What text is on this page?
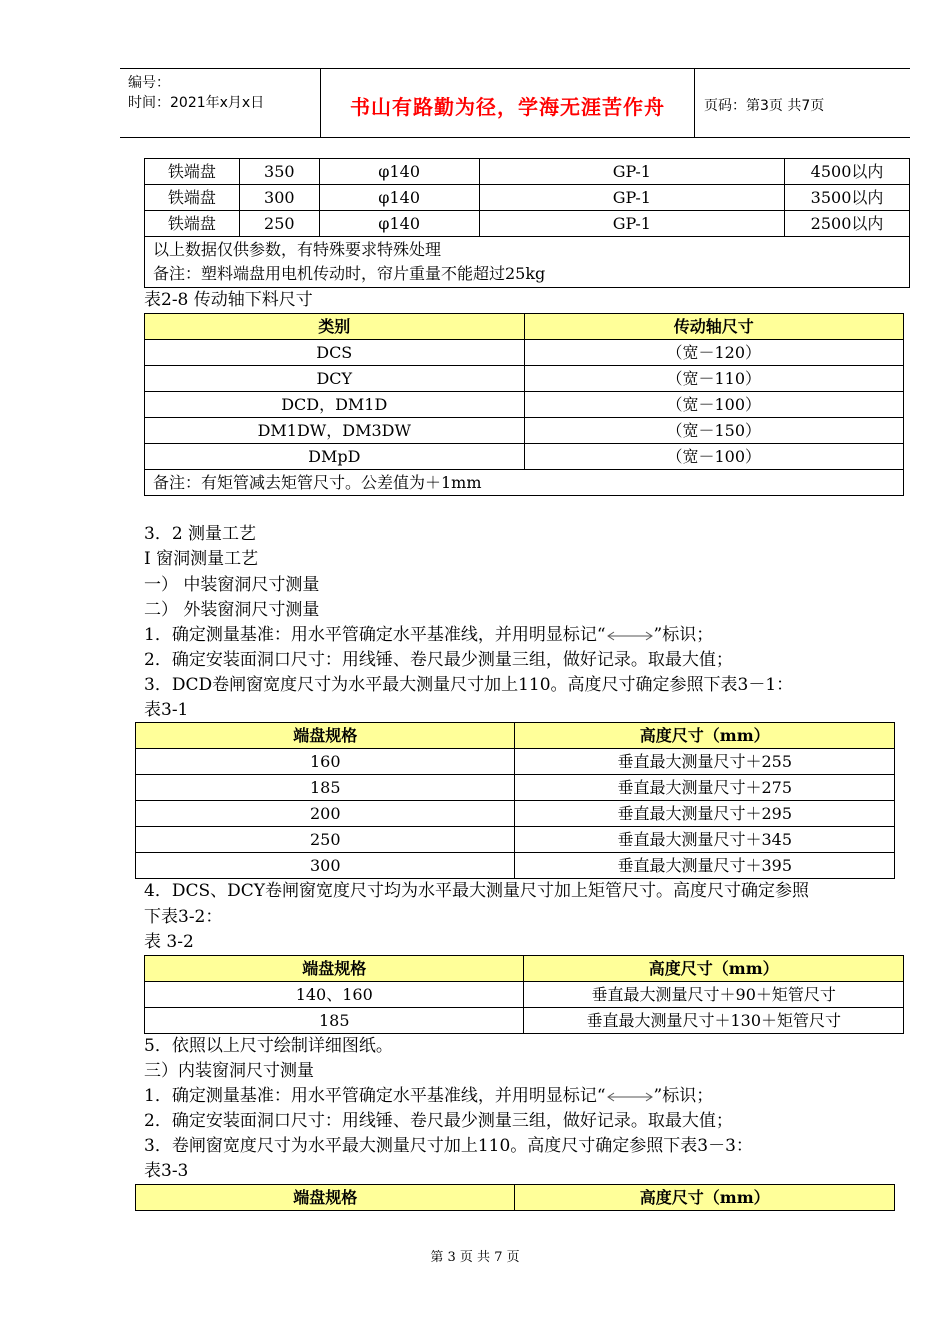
编号：
时间：2021年x月x日	书山有路勤为径，学海无涯苦作舟	页码：第3页 共7页
铁端盘	350	φ140	GP-1	4500以内
铁端盘	300	φ140	GP-1	3500以内
铁端盘	250	φ140	GP-1	2500以内

以上数据仅供参数，有特殊要求特殊处理
备注：塑料端盘用电机传动时，帘片重量不能超过25kg				
表2-8 传动轴下料尺寸
类别	传动轴尺寸
DCS	（宽－120）
DCY	（宽－110）
DCD，DM1D	（宽－100）
DM1DW，DM3DW	（宽－150）
DMpD	（宽－100）
备注：有矩管减去矩管尺寸。公差值为＋1mm	
3．2 测量工艺
I 窗洞测量工艺
一） 中装窗洞尺寸测量
二） 外装窗洞尺寸测量
1．确定测量基准：用水平管确定水平基准线，并用明显标记“	”标识；
2．确定安装面洞口尺寸：用线锤、卷尺最少测量三组，做好记录。取最大值；
3．DCD卷闸窗宽度尺寸为水平最大测量尺寸加上110。高度尺寸确定参照下表3－1：
表3-1
端盘规格	高度尺寸（mm）
160	垂直最大测量尺寸＋255
185	垂直最大测量尺寸＋275
200	垂直最大测量尺寸＋295
250	垂直最大测量尺寸＋345
300	垂直最大测量尺寸＋395
4．DCS、DCY卷闸窗宽度尺寸均为水平最大测量尺寸加上矩管尺寸。高度尺寸确定参照
下表3-2：
表 3-2
端盘规格	高度尺寸（mm）
140、160	垂直最大测量尺寸＋90＋矩管尺寸
185	垂直最大测量尺寸＋130＋矩管尺寸
5．依照以上尺寸绘制详细图纸。
三）内装窗洞尺寸测量
1．确定测量基准：用水平管确定水平基准线，并用明显标记“	”标识；
2．确定安装面洞口尺寸：用线锤、卷尺最少测量三组，做好记录。取最大值；
3．卷闸窗宽度尺寸为水平最大测量尺寸加上110。高度尺寸确定参照下表3－3：
表3-3
端盘规格	高度尺寸（mm）
第 3 页 共 7 页
